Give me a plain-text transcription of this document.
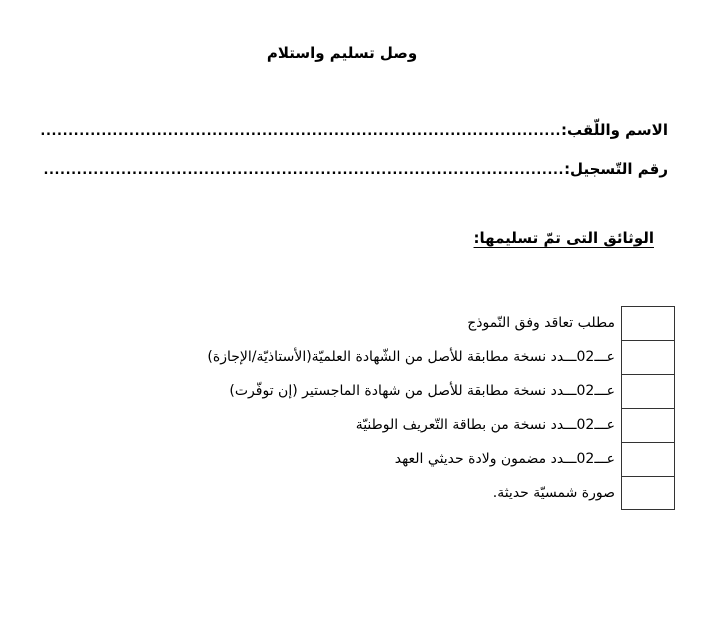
وصل تسليم واستلام
الاسم واللّقب:
..............................................................................................
رقم التّسجيل:
..............................................................................................
الوثائق التى تمّ تسليمها:
مطلب تعاقد وفق النّموذج
عـــ02ـــدد نسخة مطابقة للأصل من الشّهادة العلميّة(الأستاذيّة/الإجازة)
عـــ02ـــدد نسخة مطابقة للأصل من شهادة الماجستير (إن توفّرت)
عـــ02ـــدد نسخة من بطاقة التّعريف الوطنيّة
عـــ02ـــدد مضمون ولادة حديثي العهد
صورة شمسيّة حديثة.
